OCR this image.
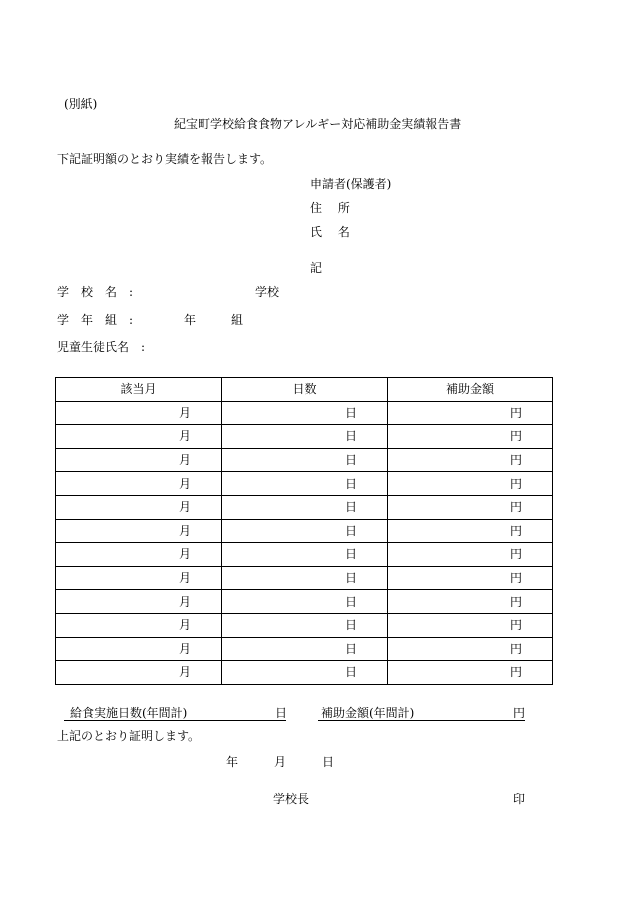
(別紙)
紀宝町学校給食食物アレルギー対応補助金実績報告書
下記証明額のとおり実績を報告します。
申請者(保護者)
住　 所
氏　 名
記
学　校　名　:	学校
学　年　組　:	年	組
児童生徒氏名　:
該当月	日数	補助金額
月	日	円
月	日	円
月	日	円
月	日	円
月	日	円
月	日	円
月	日	円
月	日	円
月	日	円
月	日	円
月	日	円
月	日	円
給食実施日数(年間計)	日	補助金額(年間計)	円
上記のとおり証明します。
年	月	日
学校長	印
